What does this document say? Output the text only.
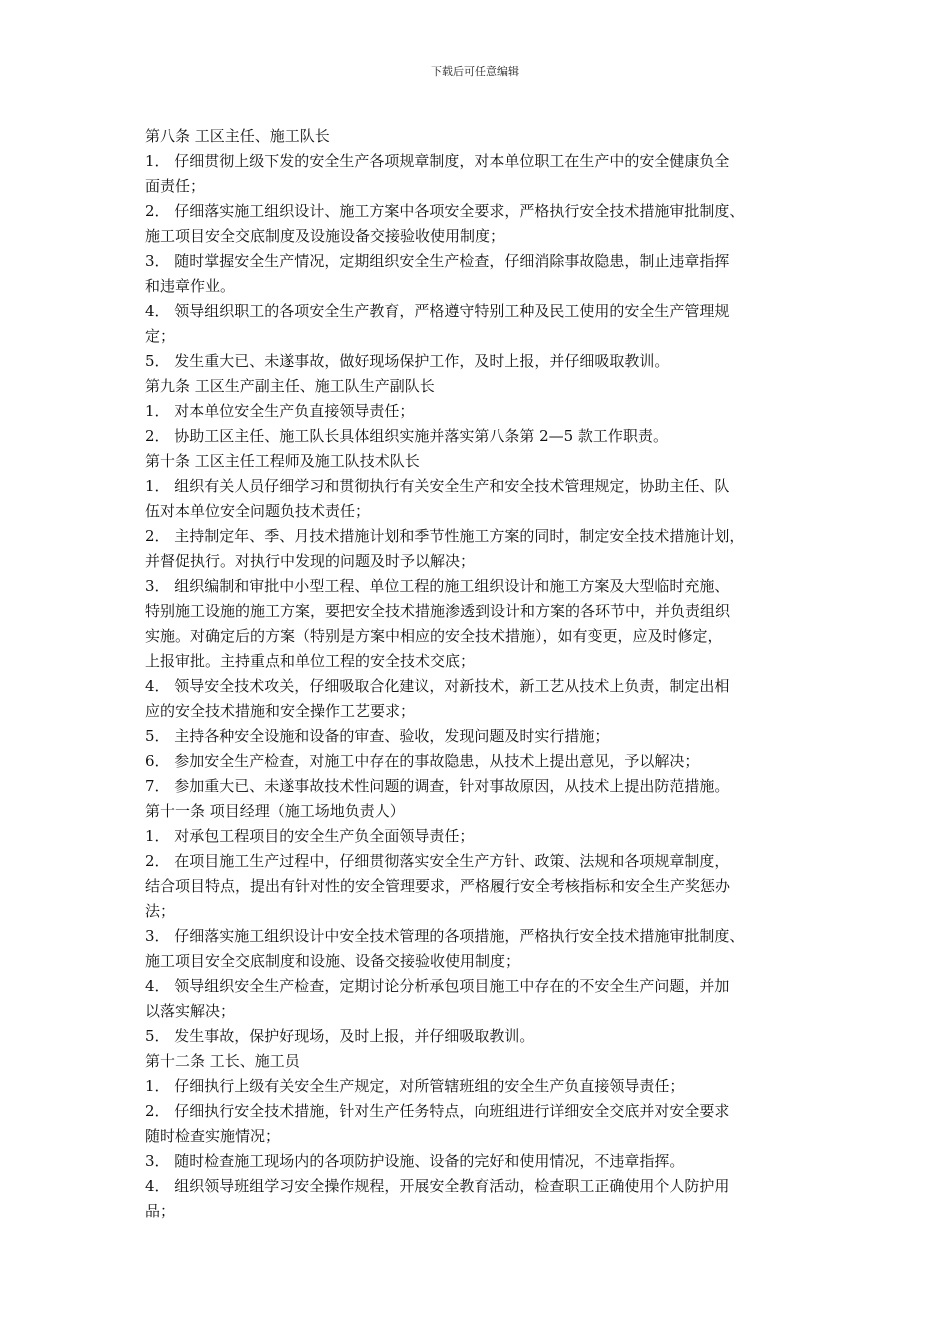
下载后可任意编辑
第八条 工区主任、施工队长
1． 仔细贯彻上级下发的安全生产各项规章制度，对本单位职工在生产中的安全健康负全
面责任；
2． 仔细落实施工组织设计、施工方案中各项安全要求，严格执行安全技术措施审批制度、
施工项目安全交底制度及设施设备交接验收使用制度；
3． 随时掌握安全生产情况，定期组织安全生产检查，仔细消除事故隐患，制止违章指挥
和违章作业。
4． 领导组织职工的各项安全生产教育，严格遵守特别工种及民工使用的安全生产管理规
定；
5． 发生重大已、未遂事故，做好现场保护工作，及时上报，并仔细吸取教训。
第九条 工区生产副主任、施工队生产副队长
1． 对本单位安全生产负直接领导责任；
2． 协助工区主任、施工队长具体组织实施并落实第八条第 2—5 款工作职责。
第十条 工区主任工程师及施工队技术队长
1． 组织有关人员仔细学习和贯彻执行有关安全生产和安全技术管理规定，协助主任、队
伍对本单位安全问题负技术责任；
2． 主持制定年、季、月技术措施计划和季节性施工方案的同时，制定安全技术措施计划，
并督促执行。对执行中发现的问题及时予以解决；
3． 组织编制和审批中小型工程、单位工程的施工组织设计和施工方案及大型临时充施、
特别施工设施的施工方案，要把安全技术措施渗透到设计和方案的各环节中，并负责组织
实施。对确定后的方案（特别是方案中相应的安全技术措施），如有变更，应及时修定，
上报审批。主持重点和单位工程的安全技术交底；
4． 领导安全技术攻关，仔细吸取合化建议，对新技术，新工艺从技术上负责，制定出相
应的安全技术措施和安全操作工艺要求；
5． 主持各种安全设施和设备的审查、验收，发现问题及时实行措施；
6． 参加安全生产检查，对施工中存在的事故隐患，从技术上提出意见，予以解决；
7． 参加重大已、未遂事故技术性问题的调查，针对事故原因，从技术上提出防范措施。
第十一条 项目经理（施工场地负责人）
1． 对承包工程项目的安全生产负全面领导责任；
2． 在项目施工生产过程中，仔细贯彻落实安全生产方针、政策、法规和各项规章制度，
结合项目特点，提出有针对性的安全管理要求，严格履行安全考核指标和安全生产奖惩办
法；
3． 仔细落实施工组织设计中安全技术管理的各项措施，严格执行安全技术措施审批制度、
施工项目安全交底制度和设施、设备交接验收使用制度；
4． 领导组织安全生产检查，定期讨论分析承包项目施工中存在的不安全生产问题，并加
以落实解决；
5． 发生事故，保护好现场，及时上报，并仔细吸取教训。
第十二条 工长、施工员
1． 仔细执行上级有关安全生产规定，对所管辖班组的安全生产负直接领导责任；
2． 仔细执行安全技术措施，针对生产任务特点，向班组进行详细安全交底并对安全要求
随时检查实施情况；
3． 随时检查施工现场内的各项防护设施、设备的完好和使用情况，不违章指挥。
4． 组织领导班组学习安全操作规程，开展安全教育活动，检查职工正确使用个人防护用
品；
